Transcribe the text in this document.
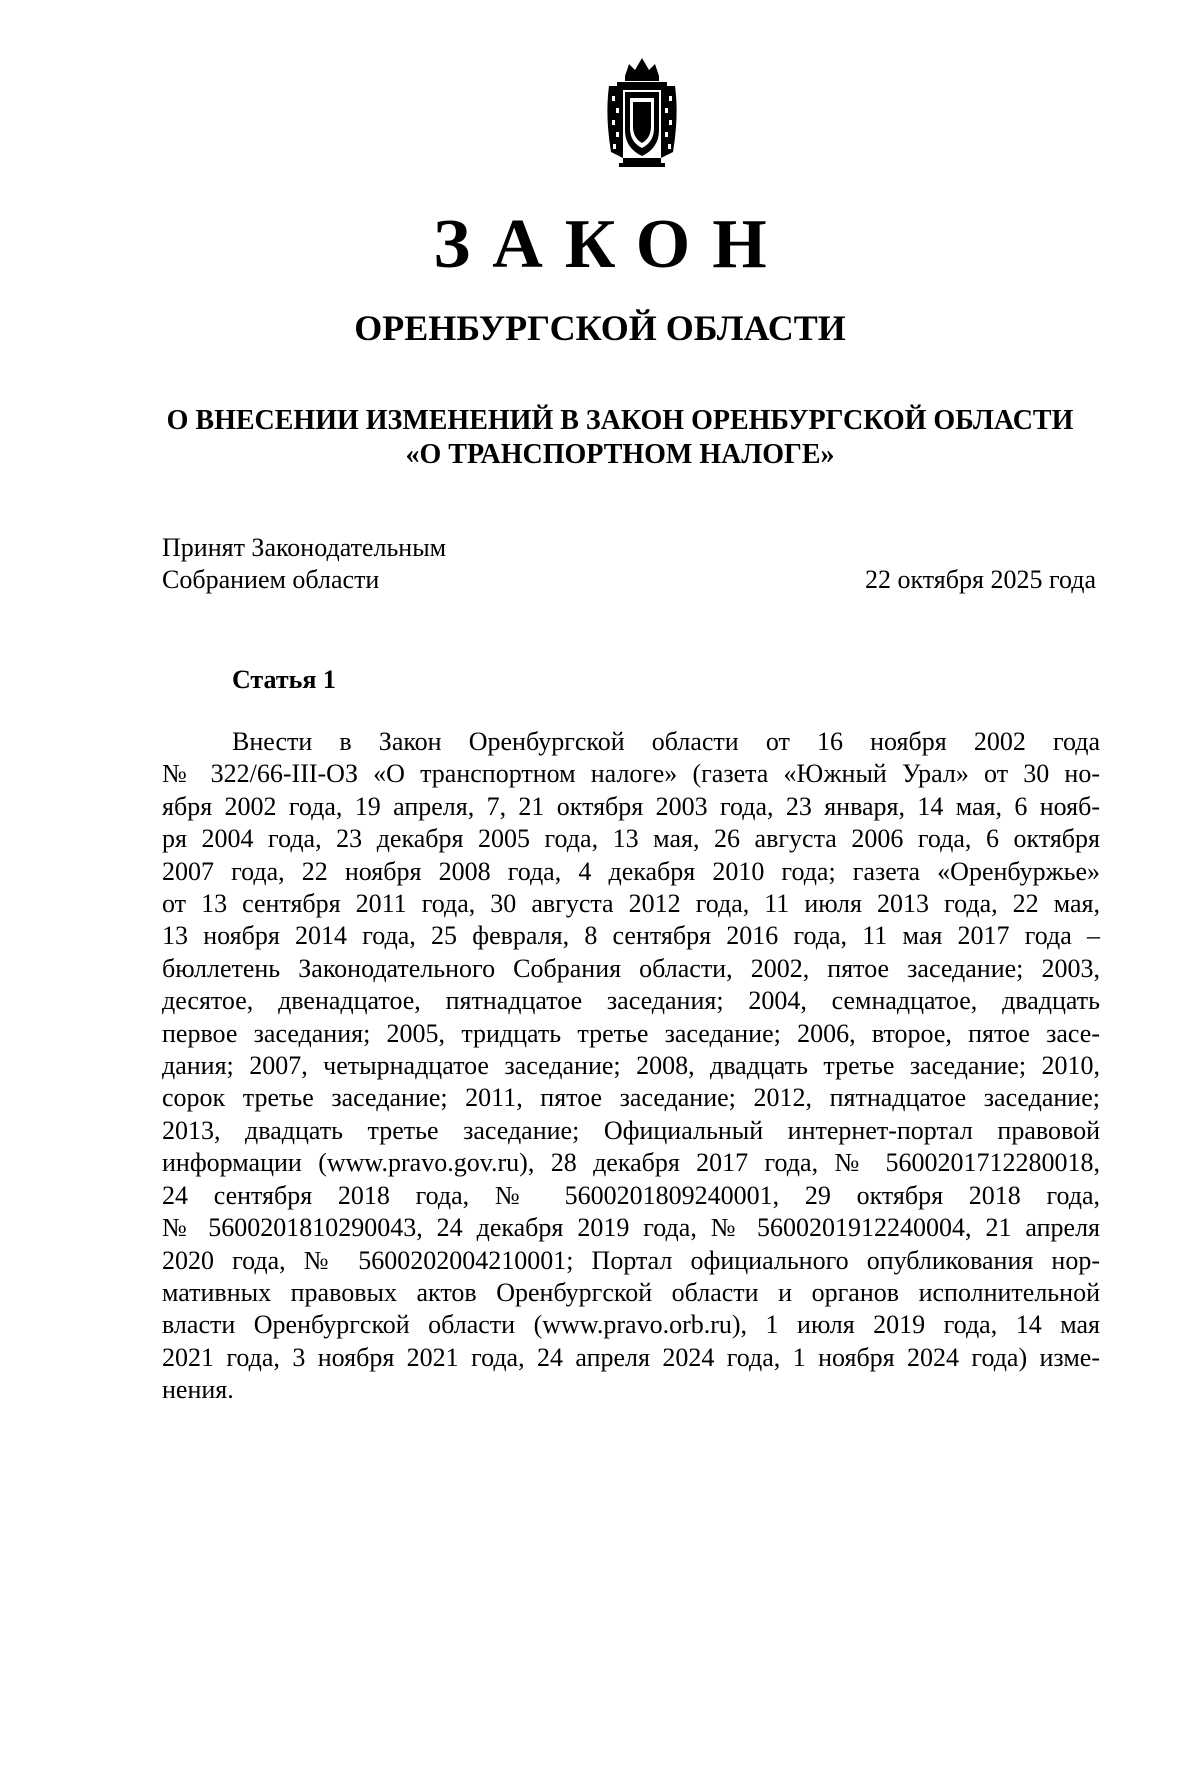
ЗАКОН
ОРЕНБУРГСКОЙ ОБЛАСТИ
О ВНЕСЕНИИ ИЗМЕНЕНИЙ В ЗАКОН ОРЕНБУРГСКОЙ ОБЛАСТИ
«О ТРАНСПОРТНОМ НАЛОГЕ»
Принят Законодательным
Собранием области	22 октября 2025 года
Статья 1
Внести в Закон Оренбургской области от 16 ноября 2002 года
№ 322/66-III-ОЗ «О транспортном налоге» (газета «Южный Урал» от 30 но-
ября 2002 года, 19 апреля, 7, 21 октября 2003 года, 23 января, 14 мая, 6 нояб-
ря 2004 года, 23 декабря 2005 года, 13 мая, 26 августа 2006 года, 6 октября
2007 года, 22 ноября 2008 года, 4 декабря 2010 года; газета «Оренбуржье»
от 13 сентября 2011 года, 30 августа 2012 года, 11 июля 2013 года, 22 мая,
13 ноября 2014 года, 25 февраля, 8 сентября 2016 года, 11 мая 2017 года –
бюллетень Законодательного Собрания области, 2002, пятое заседание; 2003,
десятое, двенадцатое, пятнадцатое заседания; 2004, семнадцатое, двадцать
первое заседания; 2005, тридцать третье заседание; 2006, второе, пятое засе-
дания; 2007, четырнадцатое заседание; 2008, двадцать третье заседание; 2010,
сорок третье заседание; 2011, пятое заседание; 2012, пятнадцатое заседание;
2013, двадцать третье заседание; Официальный интернет-портал правовой
информации (www.pravo.gov.ru), 28 декабря 2017 года, № 5600201712280018,
24 сентября 2018 года, № 5600201809240001, 29 октября 2018 года,
№ 5600201810290043, 24 декабря 2019 года, № 5600201912240004, 21 апреля
2020 года, № 5600202004210001; Портал официального опубликования нор-
мативных правовых актов Оренбургской области и органов исполнительной
власти Оренбургской области (www.pravo.orb.ru), 1 июля 2019 года, 14 мая
2021 года, 3 ноября 2021 года, 24 апреля 2024 года, 1 ноября 2024 года) изме-
нения.
